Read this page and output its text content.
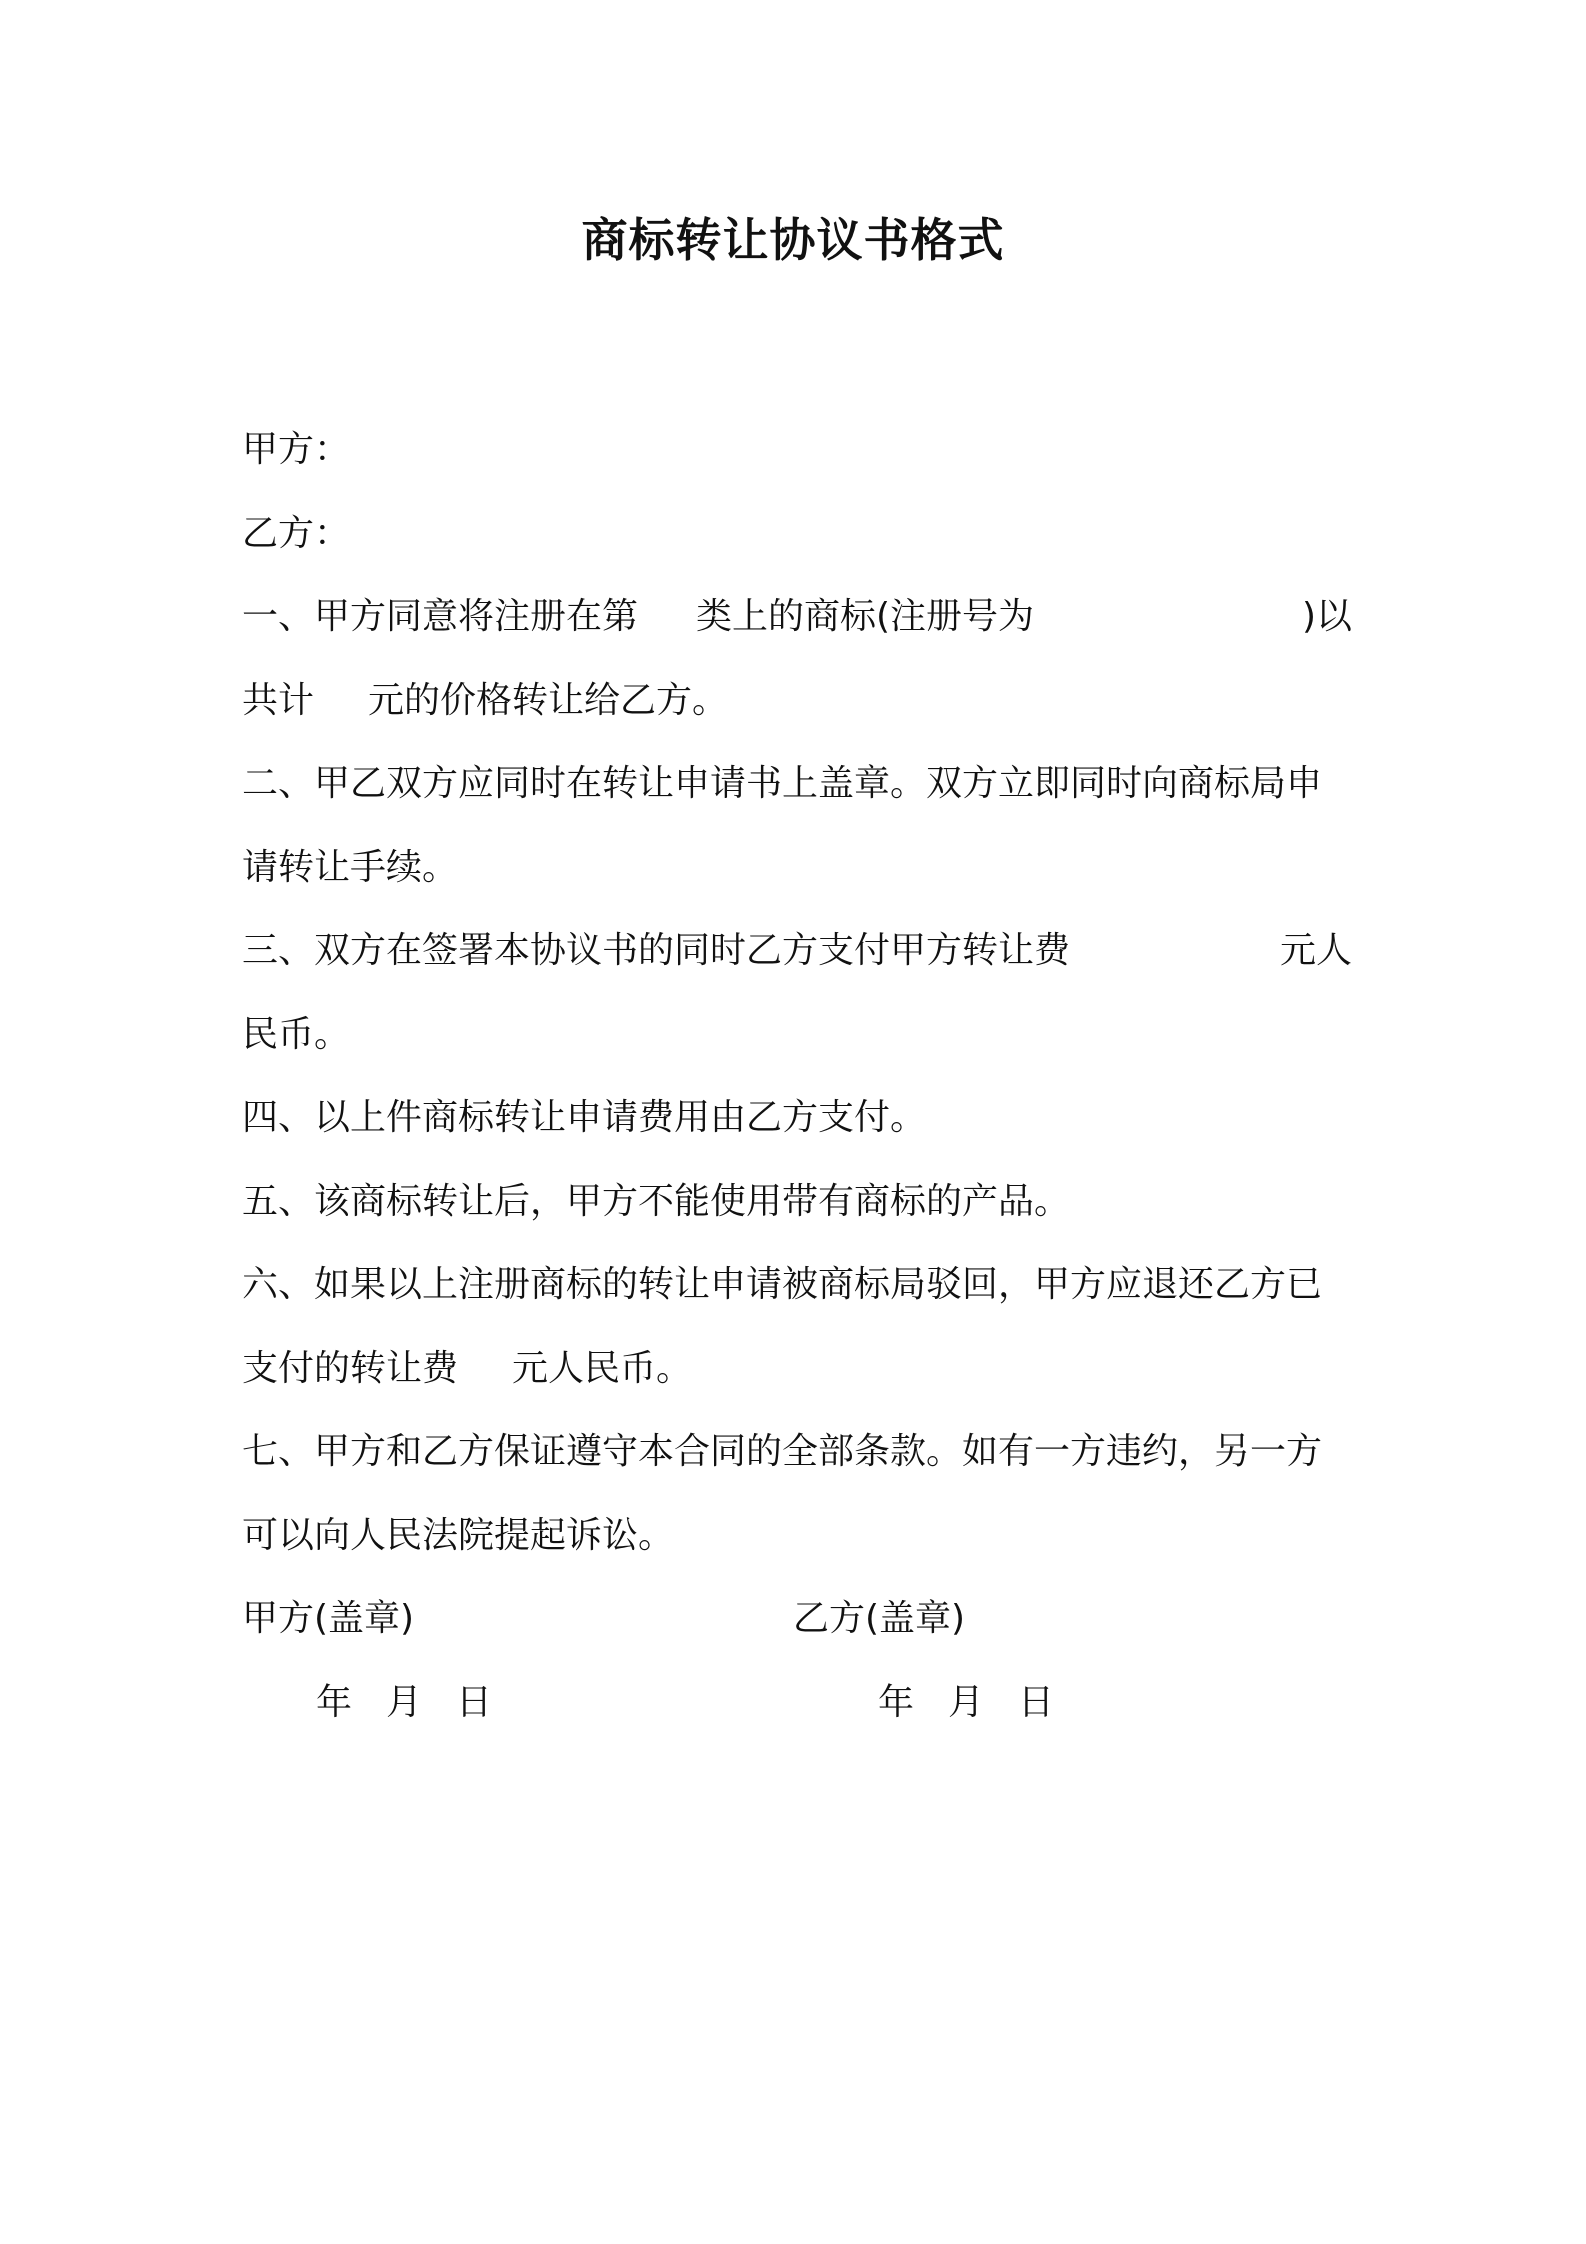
商标转让协议书格式
甲方：
乙方：
一、甲方同意将注册在第 类上的商标(注册号为	)以
共计 元的价格转让给乙方。
二、甲乙双方应同时在转让申请书上盖章。双方立即同时向商标局申
请转让手续。
三、双方在签署本协议书的同时乙方支付甲方转让费	元人
民币。
四、以上件商标转让申请费用由乙方支付。
五、该商标转让后，甲方不能使用带有商标的产品。
六、如果以上注册商标的转让申请被商标局驳回，甲方应退还乙方已
支付的转让费 元人民币。
七、甲方和乙方保证遵守本合同的全部条款。如有一方违约，另一方
可以向人民法院提起诉讼。
甲方(盖章)	乙方(盖章)
年 月 日	年 月 日
